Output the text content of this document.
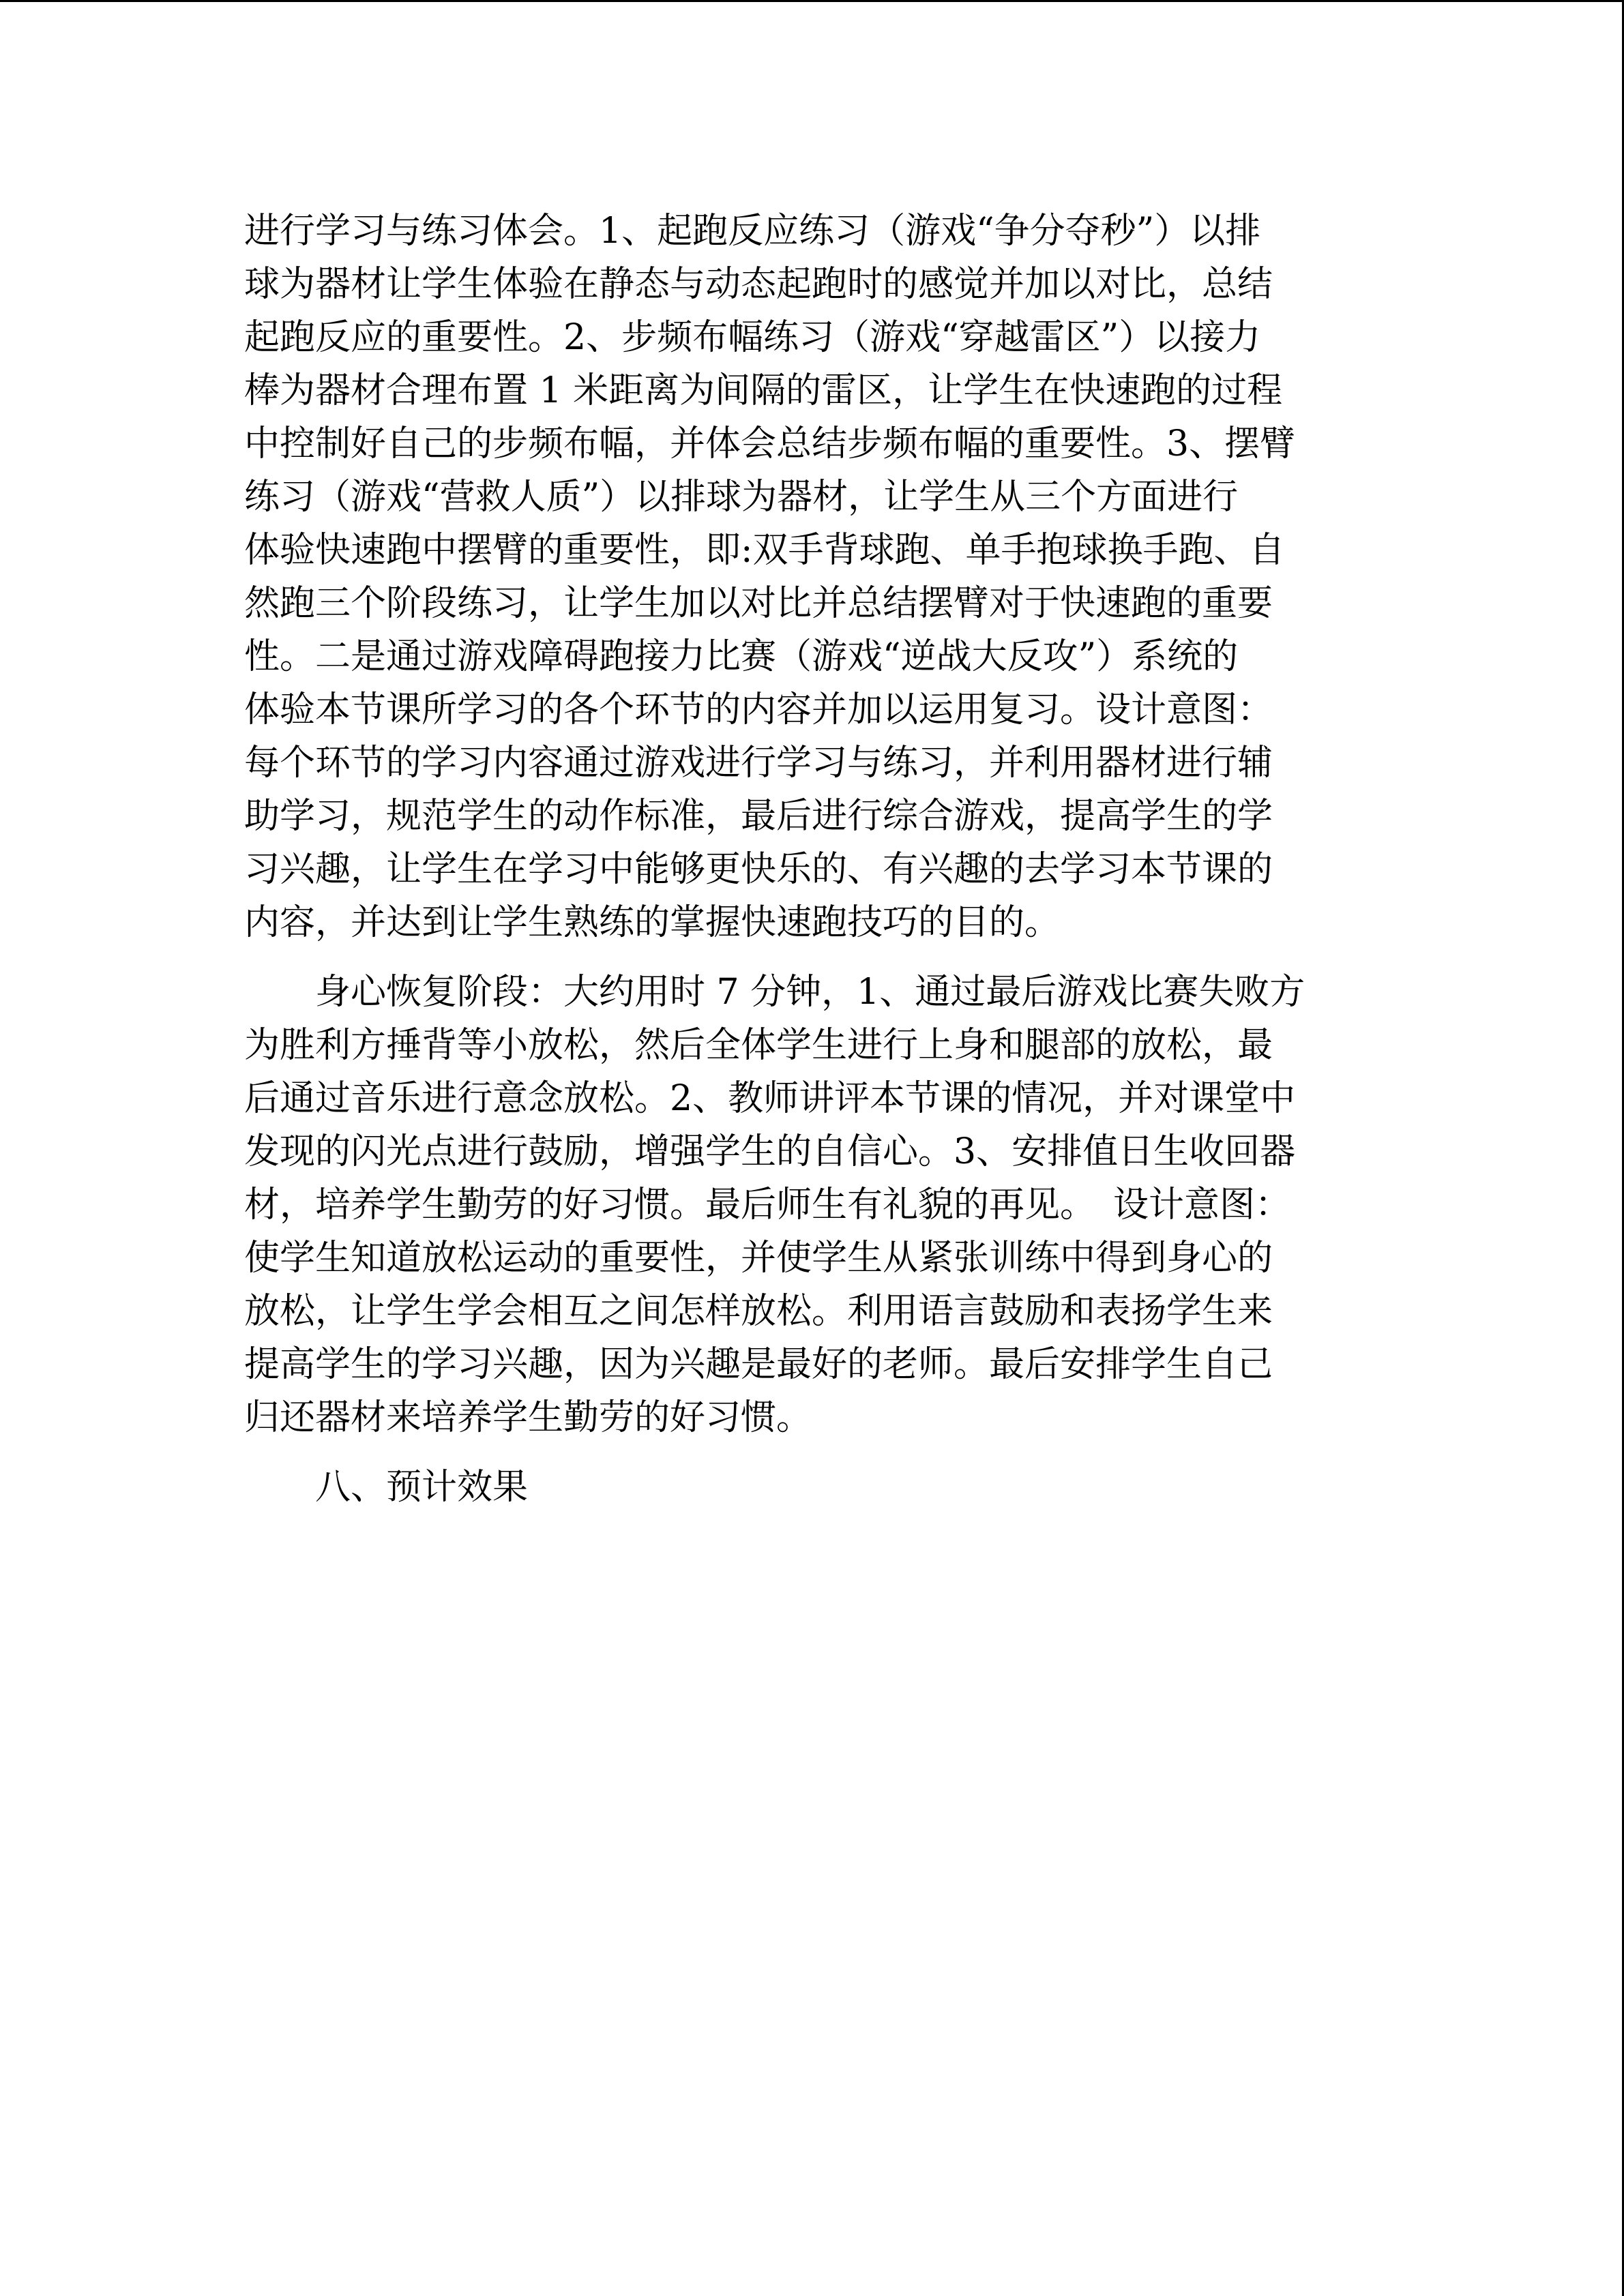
进行学习与练习体会。1、起跑反应练习（游戏“争分夺秒”）以排
球为器材让学生体验在静态与动态起跑时的感觉并加以对比，总结
起跑反应的重要性。2、步频布幅练习（游戏“穿越雷区”）以接力
棒为器材合理布置 1 米距离为间隔的雷区，让学生在快速跑的过程
中控制好自己的步频布幅，并体会总结步频布幅的重要性。3、摆臂
练习（游戏“营救人质”）以排球为器材，让学生从三个方面进行
体验快速跑中摆臂的重要性，即:双手背球跑、单手抱球换手跑、自
然跑三个阶段练习，让学生加以对比并总结摆臂对于快速跑的重要
性。二是通过游戏障碍跑接力比赛（游戏“逆战大反攻”）系统的
体验本节课所学习的各个环节的内容并加以运用复习。设计意图：
每个环节的学习内容通过游戏进行学习与练习，并利用器材进行辅
助学习，规范学生的动作标准，最后进行综合游戏，提高学生的学
习兴趣，让学生在学习中能够更快乐的、有兴趣的去学习本节课的
内容，并达到让学生熟练的掌握快速跑技巧的目的。
　　身心恢复阶段：大约用时 7 分钟，1、通过最后游戏比赛失败方
为胜利方捶背等小放松，然后全体学生进行上身和腿部的放松，最
后通过音乐进行意念放松。2、教师讲评本节课的情况，并对课堂中
发现的闪光点进行鼓励，增强学生的自信心。3、安排值日生收回器
材，培养学生勤劳的好习惯。最后师生有礼貌的再见。　设计意图：
使学生知道放松运动的重要性，并使学生从紧张训练中得到身心的
放松，让学生学会相互之间怎样放松。利用语言鼓励和表扬学生来
提高学生的学习兴趣，因为兴趣是最好的老师。最后安排学生自己
归还器材来培养学生勤劳的好习惯。
　　八、预计效果
